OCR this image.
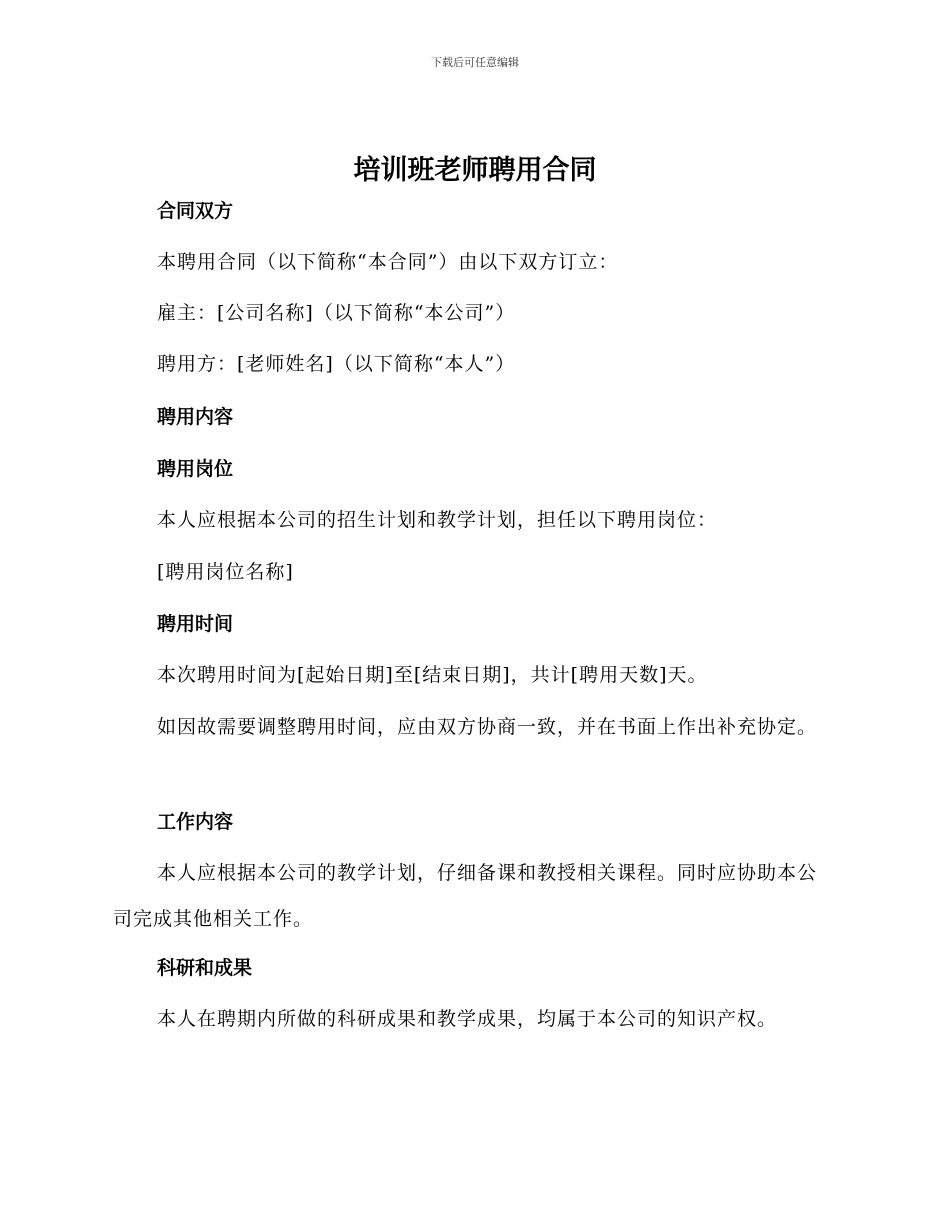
下载后可任意编辑
培训班老师聘用合同
合同双方
本聘用合同（以下简称“本合同”）由以下双方订立：
雇主：[公司名称]（以下简称“本公司”）
聘用方：[老师姓名]（以下简称“本人”）
聘用内容
聘用岗位
本人应根据本公司的招生计划和教学计划，担任以下聘用岗位：
[聘用岗位名称]
聘用时间
本次聘用时间为[起始日期]至[结束日期]，共计[聘用天数]天。
如因故需要调整聘用时间，应由双方协商一致，并在书面上作出补充协定。
工作内容
本人应根据本公司的教学计划，仔细备课和教授相关课程。同时应协助本公司完成其他相关工作。
科研和成果
本人在聘期内所做的科研成果和教学成果，均属于本公司的知识产权。
